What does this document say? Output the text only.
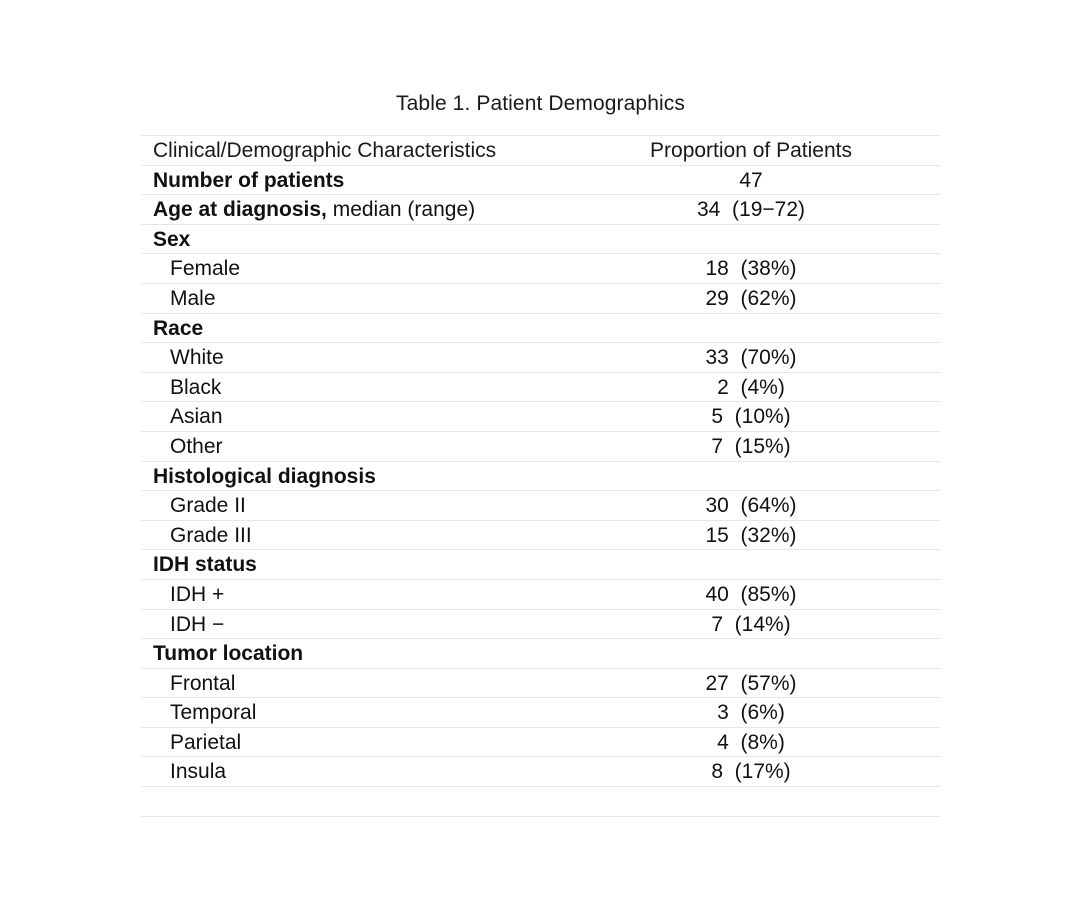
Table 1. Patient Demographics
Clinical/Demographic Characteristics	Proportion of Patients
Number of patients	47
Age at diagnosis, median (range)	34  (19−72)
Sex
Female	18  (38%)
Male	29  (62%)
Race
White	33  (70%)
Black	2  (4%)
Asian	5  (10%)
Other	7  (15%)
Histological diagnosis
Grade II	30  (64%)
Grade III	15  (32%)
IDH status
IDH +	40  (85%)
IDH −	7  (14%)
Tumor location
Frontal	27  (57%)
Temporal	3  (6%)
Parietal	4  (8%)
Insula	8  (17%)
